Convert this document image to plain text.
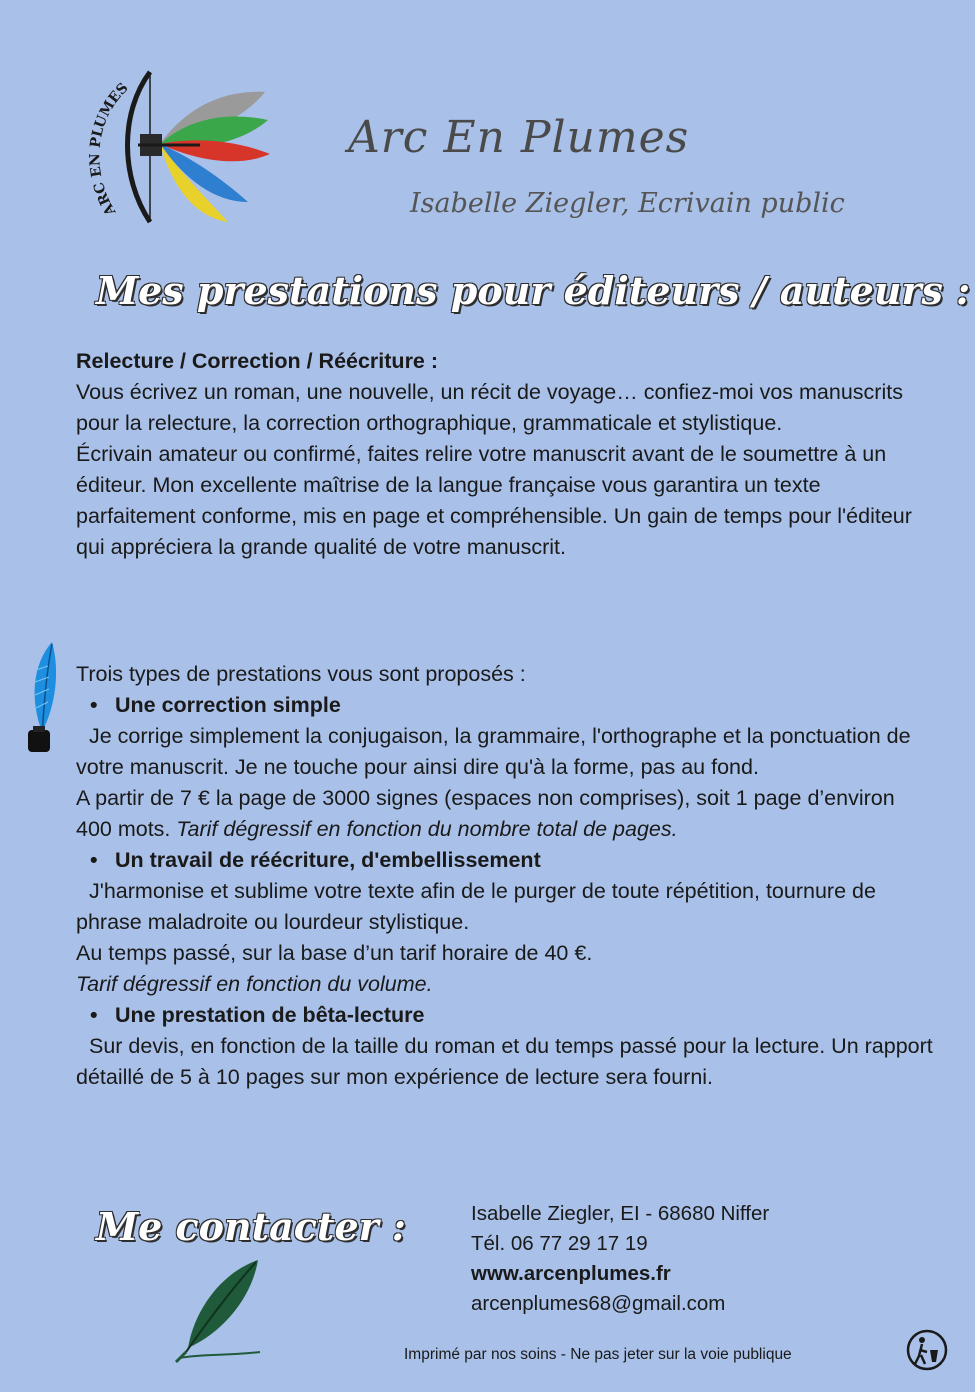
ARC EN PLUMES
Arc En Plumes
Isabelle Ziegler, Ecrivain public
Mes prestations pour éditeurs / auteurs :

Relecture / Correction / Réécriture :

Vous écrivez un roman, une nouvelle, un récit de voyage… confiez-moi vos manuscrits pour la relecture, la correction orthographique, grammaticale et stylistique.

Écrivain amateur ou confirmé, faites relire votre manuscrit avant de le soumettre à un éditeur. Mon excellente maîtrise de la langue française vous garantira un texte parfaitement conforme, mis en page et compréhensible. Un gain de temps pour l'éditeur qui appréciera la grande qualité de votre manuscrit.

Trois types de prestations vous sont proposés :

• Une correction simple

Je corrige simplement la conjugaison, la grammaire, l'orthographe et la ponctuation de votre manuscrit. Je ne touche pour ainsi dire qu'à la forme, pas au fond.

A partir de 7 € la page de 3000 signes (espaces non comprises), soit 1 page d’environ 400 mots. Tarif dégressif en fonction du nombre total de pages.

• Un travail de réécriture, d'embellissement

J'harmonise et sublime votre texte afin de le purger de toute répétition, tournure de phrase maladroite ou lourdeur stylistique.

Au temps passé, sur la base d’un tarif horaire de 40 €.

Tarif dégressif en fonction du volume.

• Une prestation de bêta-lecture

Sur devis, en fonction de la taille du roman et du temps passé pour la lecture. Un rapport détaillé de 5 à 10 pages sur mon expérience de lecture sera fourni.

Me contacter :	Isabelle Ziegler, EI - 68680 Niffer
Tél. 06 77 29 17 19
www.arcenplumes.fr
arcenplumes68@gmail.com
Imprimé par nos soins - Ne pas jeter sur la voie publique
